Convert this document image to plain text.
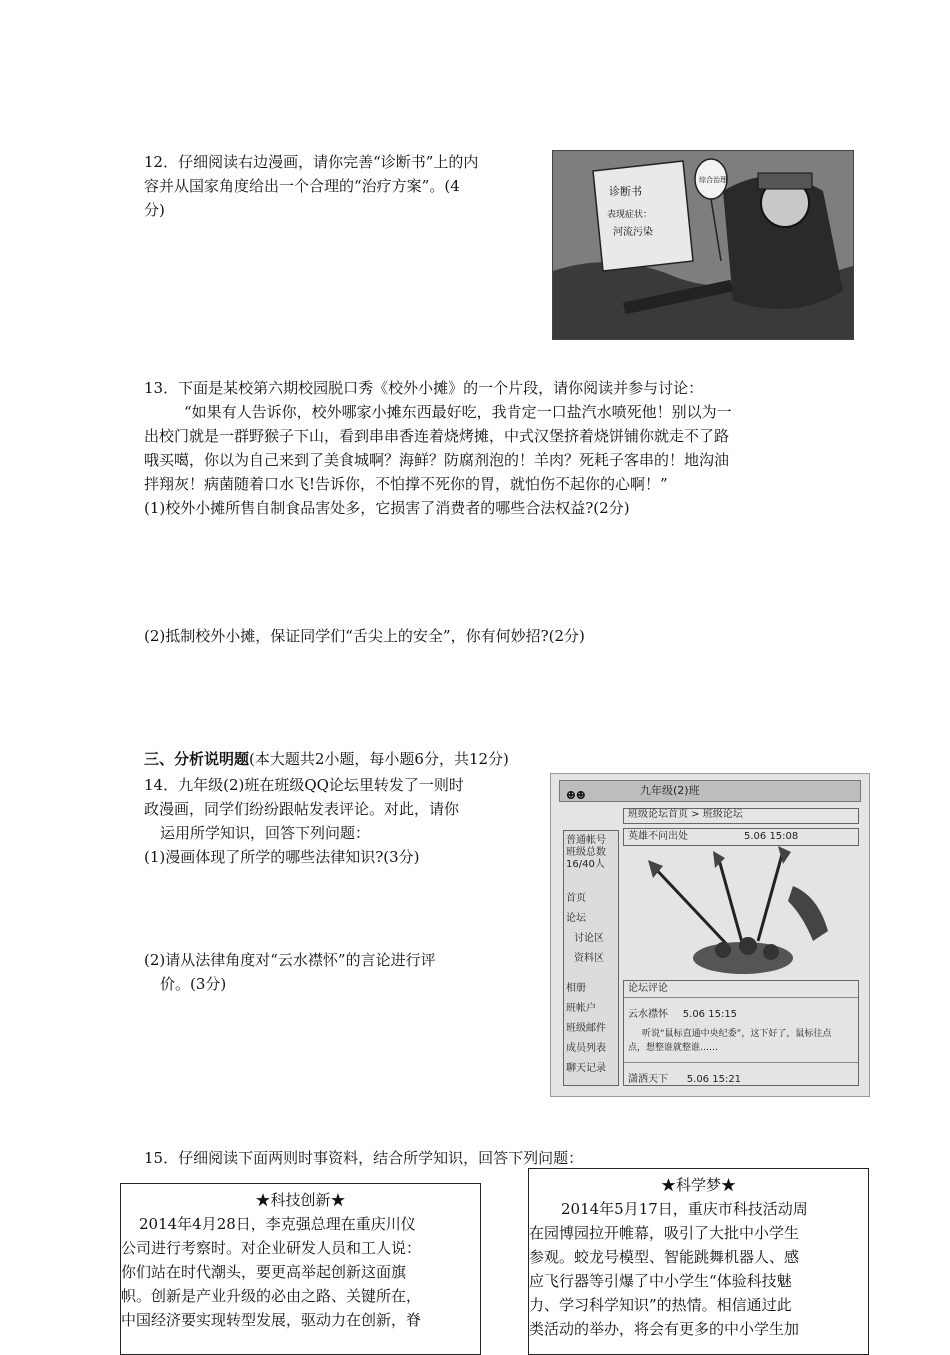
12．仔细阅读右边漫画，请你完善“诊断书”上的内
容并从国家角度给出一个合理的“治疗方案”。(4
分)
诊断书
表现症状：
河流污染
综合治理
13．下面是某校第六期校园脱口秀《校外小摊》的一个片段，请你阅读并参与讨论：
“如果有人告诉你，校外哪家小摊东西最好吃，我肯定一口盐汽水喷死他！别以为一
出校门就是一群野猴子下山，看到串串香连着烧烤摊，中式汉堡挤着烧饼铺你就走不了路
哦买噶，你以为自己来到了美食城啊？海鲜？防腐剂泡的！羊肉？死耗子客串的！地沟油
拌翔灰！病菌随着口水飞!告诉你，不怕撑不死你的胃，就怕伤不起你的心啊！”
(1)校外小摊所售自制食品害处多，它损害了消费者的哪些合法权益?(2分)
(2)抵制校外小摊，保证同学们“舌尖上的安全”，你有何妙招?(2分)
三、分析说明题(本大题共2小题，每小题6分，共12分)
14．九年级(2)班在班级QQ论坛里转发了一则时
政漫画，同学们纷纷跟帖发表评论。对此，请你
运用所学知识，回答下列问题：
(1)漫画体现了所学的哪些法律知识?(3分)
(2)请从法律角度对“云水襟怀”的言论进行评
价。(3分)
☻☻	九年级(2)班
班级论坛首页 > 班级论坛
普通帐号
班级总数
16/40人
首页
论坛
讨论区
资料区
相册
班帐户
班级邮件
成员列表
聊天记录
英雄不问出处	5.06 15:08
论坛评论
云水襟怀 5.06 15:15
听说“鼠标直通中央纪委”，这下好了，鼠标往点
点，想整谁就整谁……
潇洒天下 5.06 15:21
15．仔细阅读下面两则时事资料，结合所学知识，回答下列问题：
★科技创新★

2014年4月28日，李克强总理在重庆川仪

公司进行考察时。对企业研发人员和工人说：

你们站在时代潮头，要更高举起创新这面旗

帜。创新是产业升级的必由之路、关键所在，

中国经济要实现转型发展，驱动力在创新，脊

★科学梦★

2014年5月17日，重庆市科技活动周

在园博园拉开帷幕，吸引了大批中小学生

参观。蛟龙号模型、智能跳舞机器人、感

应飞行器等引爆了中小学生“体验科技魅

力、学习科学知识”的热情。相信通过此

类活动的举办，将会有更多的中小学生加
